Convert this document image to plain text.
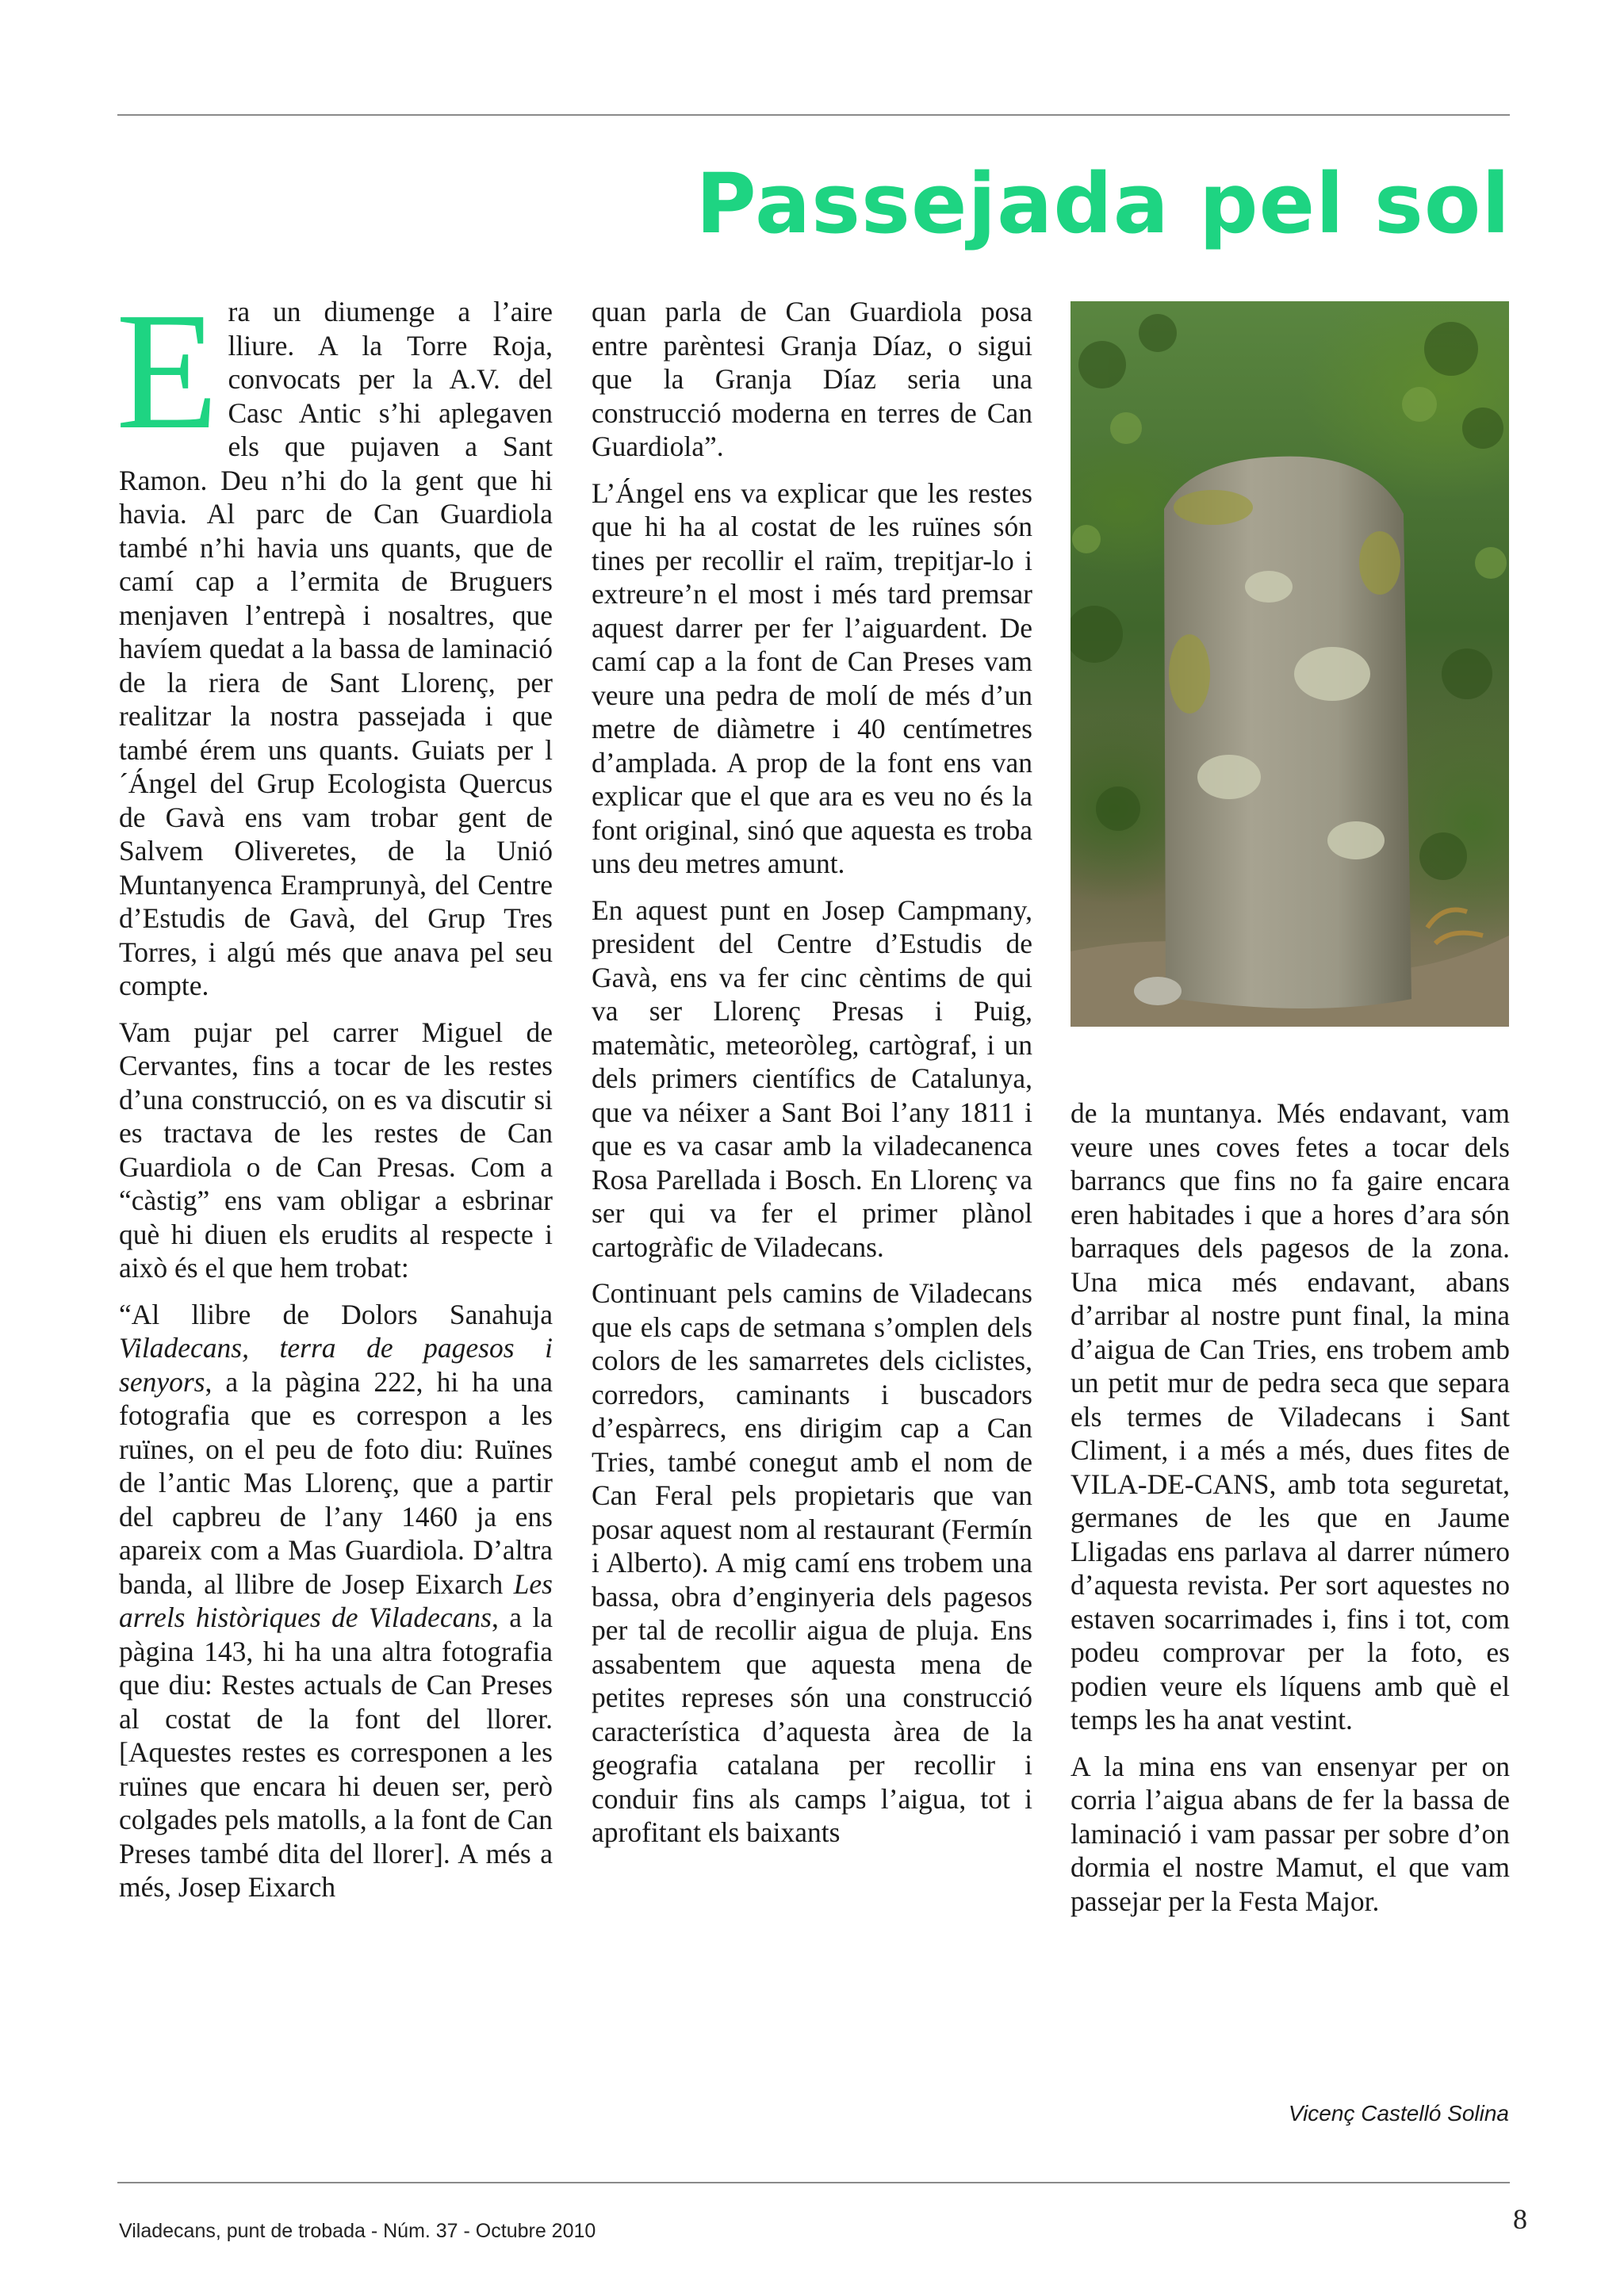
Passejada pel sol

Era un diumenge a l’aire lliure. A la Torre Roja, convocats per la A.V. del Casc Antic s’hi aplegaven els que pujaven a Sant Ramon. Deu n’hi do la gent que hi havia. Al parc de Can Guardiola també n’hi havia uns quants, que de camí cap a l’ermita de Bruguers menjaven l’entrepà i nosaltres, que havíem quedat a la bassa de laminació de la riera de Sant Llorenç, per realitzar la nostra passejada i que també érem uns quants. Guiats per l´Ángel del Grup Ecologista Quercus de Gavà ens vam trobar gent de Salvem Oliveretes, de la Unió Muntanyenca Eramprunyà, del Centre d’Estudis de Gavà, del Grup Tres Torres, i algú més que anava pel seu compte.

Vam pujar pel carrer Miguel de Cervantes, fins a tocar de les restes d’una construcció, on es va discutir si es tractava de les restes de Can Guardiola o de Can Presas. Com a “càstig” ens vam obligar a esbrinar què hi diuen els erudits al respecte i això és el que hem trobat:

“Al llibre de Dolors Sanahuja Viladecans, terra de pagesos i senyors, a la pàgina 222, hi ha una fotografia que es correspon a les ruïnes, on el peu de foto diu: Ruïnes de l’antic Mas Llorenç, que a partir del capbreu de l’any 1460 ja ens apareix com a Mas Guardiola. D’altra banda, al llibre de Josep Eixarch Les arrels històriques de Viladecans, a la pàgina 143, hi ha una altra fotografia que diu: Restes actuals de Can Preses al costat de la font del llorer. [Aquestes restes es corresponen a les ruïnes que encara hi deuen ser, però colgades pels matolls, a la font de Can Preses també dita del llorer]. A més a més, Josep Eixarch

quan parla de Can Guardiola posa entre parèntesi Granja Díaz, o sigui que la Granja Díaz seria una construcció moderna en terres de Can Guardiola”.

L’Ángel ens va explicar que les restes que hi ha al costat de les ruïnes són tines per recollir el raïm, trepitjar-lo i extreure’n el most i més tard premsar aquest darrer per fer l’aiguardent. De camí cap a la font de Can Preses vam veure una pedra de molí de més d’un metre de diàmetre i 40 centímetres d’amplada. A prop de la font ens van explicar que el que ara es veu no és la font original, sinó que aquesta es troba uns deu metres amunt.

En aquest punt en Josep Campmany, president del Centre d’Estudis de Gavà, ens va fer cinc cèntims de qui va ser Llorenç Presas i Puig, matemàtic, meteoròleg, cartògraf, i un dels primers científics de Catalunya, que va néixer a Sant Boi l’any 1811 i que es va casar amb la viladecanenca Rosa Parellada i Bosch. En Llorenç va ser qui va fer el primer plànol cartogràfic de Viladecans.

Continuant pels camins de Viladecans que els caps de setmana s’omplen dels colors de les samarretes dels ciclistes, corredors, caminants i buscadors d’espàrrecs, ens dirigim cap a Can Tries, també conegut amb el nom de Can Feral pels propietaris que van posar aquest nom al restaurant (Fermín i Alberto). A mig camí ens trobem una bassa, obra d’enginyeria dels pagesos per tal de recollir aigua de pluja. Ens assabentem que aquesta mena de petites represes són una construcció característica d’aquesta àrea de la geografia catalana per recollir i conduir fins als camps l’aigua, tot i aprofitant els baixants

de la muntanya. Més endavant, vam veure unes coves fetes a tocar dels barrancs que fins no fa gaire encara eren habitades i que a hores d’ara són barraques dels pagesos de la zona. Una mica més endavant, abans d’arribar al nostre punt final, la mina d’aigua de Can Tries, ens trobem amb un petit mur de pedra seca que separa els termes de Viladecans i Sant Climent, i a més a més, dues fites de VILA-DE-CANS, amb tota seguretat, germanes de les que en Jaume Lligadas ens parlava al darrer número d’aquesta revista. Per sort aquestes no estaven socarrimades i, fins i tot, com podeu comprovar per la foto, es podien veure els líquens amb què el temps les ha anat vestint.

A la mina ens van ensenyar per on corria l’aigua abans de fer la bassa de laminació i vam passar per sobre d’on dormia el nostre Mamut, el que vam passejar per la Festa Major.

Vicenç Castelló Solina
Viladecans, punt de trobada - Núm. 37 - Octubre 2010	8
